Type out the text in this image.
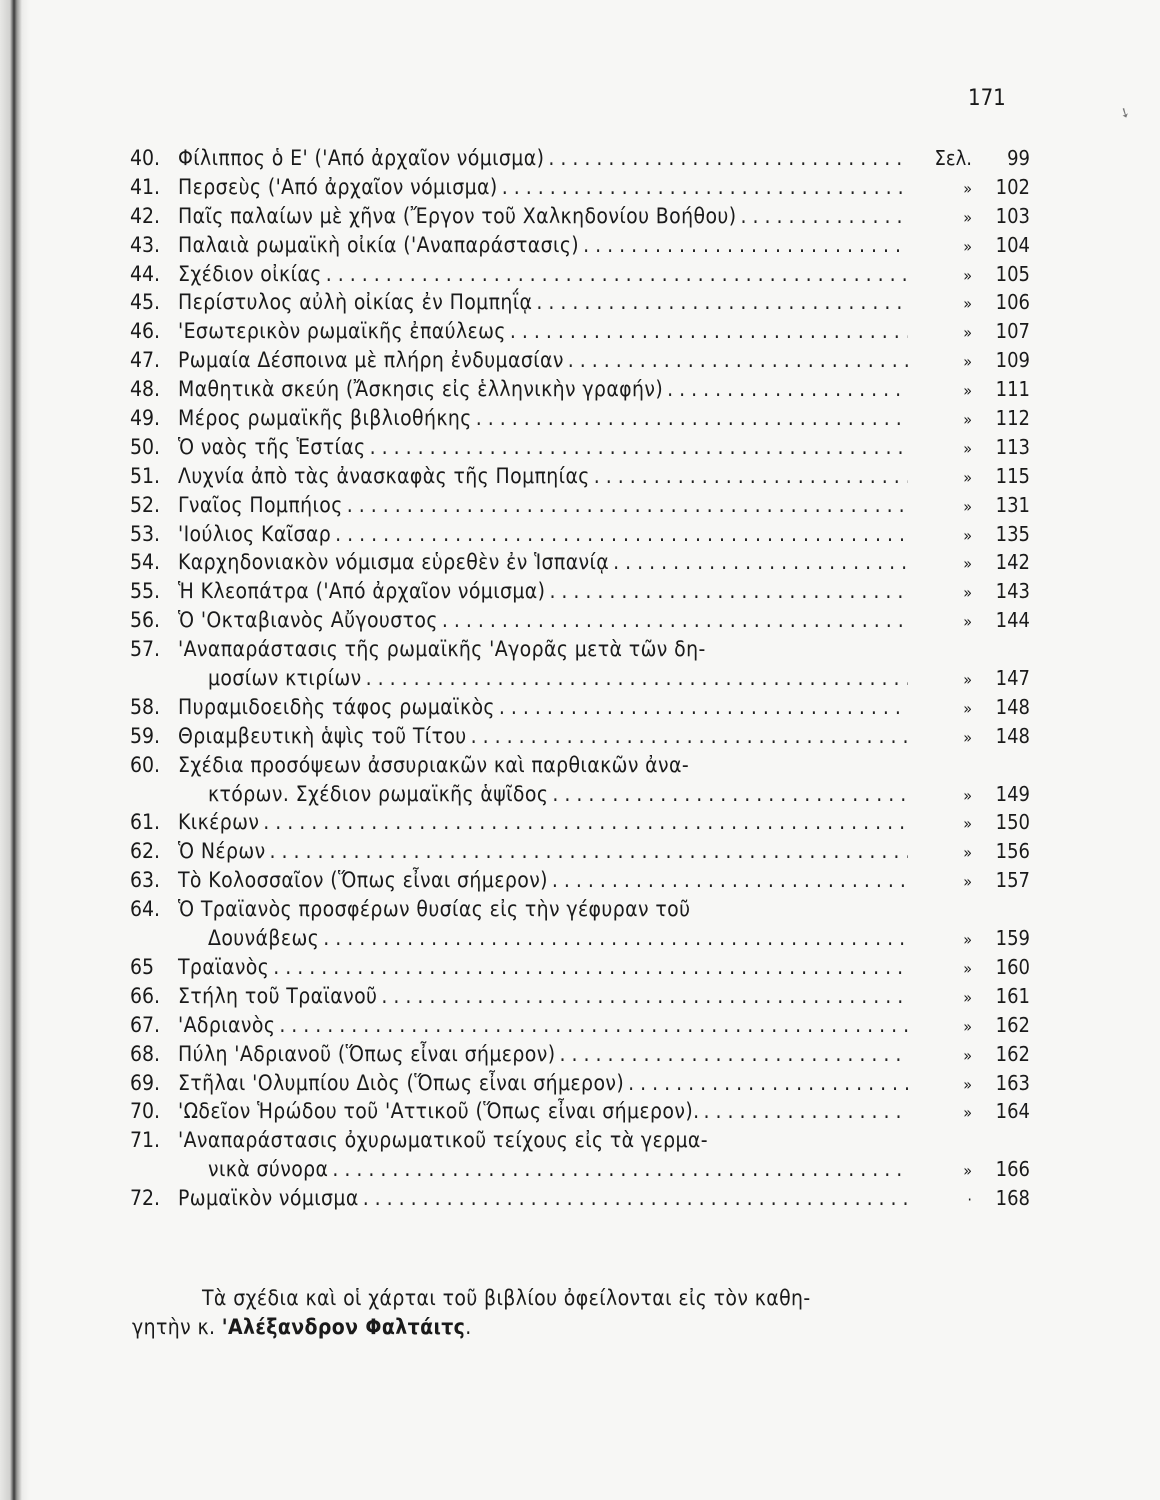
171
➘
40. Φίλιππος ὁ Ε' ('Από ἀρχαῖον νόμισμα) . . .	Σελ.	99
41. Περσεὺς ('Από ἀρχαῖον νόμισμα) . . .	»	102
42. Παῖς παλαίων μὲ χῆνα (Ἔργον τοῦ Χαλκηδονίου Βοήθου) . . .	»	103
43. Παλαιὰ ρωμαϊκὴ οἰκία ('Αναπαράστασις) . . .	»	104
44. Σχέδιον οἰκίας . . .	»	105
45. Περίστυλος αὐλὴ οἰκίας ἐν Πομπηΐᾳ . . .	»	106
46. 'Εσωτερικὸν ρωμαϊκῆς ἐπαύλεως . . .	»	107
47. Ρωμαία Δέσποινα μὲ πλήρη ἐνδυμασίαν . . .	»	109
48. Μαθητικὰ σκεύη (Ἄσκησις εἰς ἑλληνικὴν γραφήν) . . .	»	111
49. Μέρος ρωμαϊκῆς βιβλιοθήκης . . .	»	112
50. Ὁ ναὸς τῆς Ἑστίας . . .	»	113
51. Λυχνία ἀπὸ τὰς ἀνασκαφὰς τῆς Πομπηίας . . .	»	115
52. Γναῖος Πομπήιος . . .	»	131
53. 'Ιούλιος Καῖσαρ . . .	»	135
54. Καρχηδονιακὸν νόμισμα εὑρεθὲν ἐν Ἱσπανίᾳ . . .	»	142
55. Ἡ Κλεοπάτρα ('Από ἀρχαῖον νόμισμα) . . .	»	143
56. Ὁ 'Οκταβιανὸς Αὔγουστος . . .	»	144
57. 'Αναπαράστασις τῆς ρωμαϊκῆς 'Αγορᾶς μετὰ τῶν δη-
μοσίων κτιρίων . . .	»	147
58. Πυραμιδοειδὴς τάφος ρωμαϊκὸς . . .	»	148
59. Θριαμβευτικὴ ἁψὶς τοῦ Τίτου . . .	»	148
60. Σχέδια προσόψεων ἀσσυριακῶν καὶ παρθιακῶν ἀνα-
κτόρων. Σχέδιον ρωμαϊκῆς ἁψῖδος . . .	»	149
61. Κικέρων . . .	»	150
62. Ὁ Νέρων . . .	»	156
63. Τὸ Κολοσσαῖον (Ὅπως εἶναι σήμερον) . . .	»	157
64. Ὁ Τραϊανὸς προσφέρων θυσίας εἰς τὴν γέφυραν τοῦ
Δουνάβεως . . .	»	159
65	Τραϊανὸς . . .	»	160
66. Στήλη τοῦ Τραϊανοῦ . . .	»	161
67. 'Αδριανὸς . . .	»	162
68. Πύλη 'Αδριανοῦ (Ὅπως εἶναι σήμερον) . . .	»	162
69. Στῆλαι 'Ολυμπίου Διὸς (Ὅπως εἶναι σήμερον) . . .	»	163
70. 'Ωδεῖον Ἡρώδου τοῦ 'Αττικοῦ (Ὅπως εἶναι σήμερον). . . .	»	164
71. 'Αναπαράστασις ὀχυρωματικοῦ τείχους εἰς τὰ γερμα-
νικὰ σύνορα . . .	»	166
72. Ρωμαϊκὸν νόμισμα . . .	·	168
Τὰ σχέδια καὶ οἱ χάρται τοῦ βιβλίου ὀφείλονται εἰς τὸν καθη-
γητὴν κ. 'Αλέξανδρον Φαλτάιτς.
